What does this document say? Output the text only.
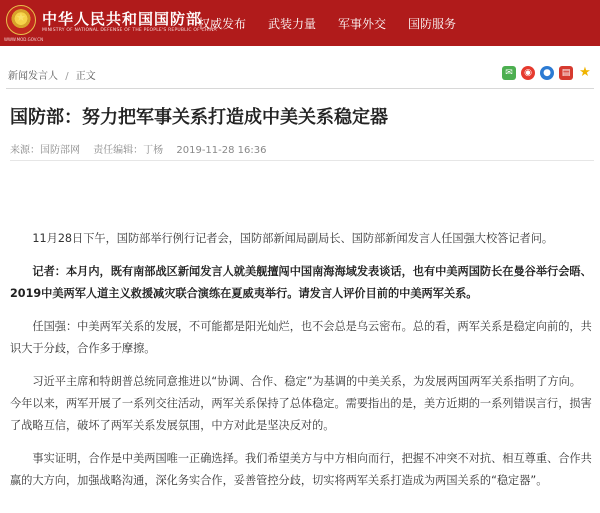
★ 中华人民共和国国防部
MINISTRY OF NATIONAL DEFENSE OF THE PEOPLE'S REPUBLIC OF CHINA
WWW.MOD.GOV.CN
权威发布 武装力量 军事外交 国防服务
新闻发言人 / 正文	✉	◉	●	▤ ★
国防部：努力把军事关系打造成中美关系稳定器
来源：国防部网 责任编辑：丁杨 2019-11-28 16:36

11月28日下午，国防部举行例行记者会，国防部新闻局副局长、国防部新闻发言人任国强大校答记者问。

记者：本月内，既有南部战区新闻发言人就美舰擅闯中国南海海域发表谈话，也有中美两国防长在曼谷举行会晤、2019中美两军人道主义救援减灾联合演练在夏威夷举行。请发言人评价目前的中美两军关系。

任国强：中美两军关系的发展，不可能都是阳光灿烂，也不会总是乌云密布。总的看，两军关系是稳定向前的，共识大于分歧，合作多于摩擦。

习近平主席和特朗普总统同意推进以“协调、合作、稳定”为基调的中美关系，为发展两国两军关系指明了方向。今年以来，两军开展了一系列交往活动，两军关系保持了总体稳定。需要指出的是，美方近期的一系列错误言行，损害了战略互信，破坏了两军关系发展氛围，中方对此是坚决反对的。

事实证明，合作是中美两国唯一正确选择。我们希望美方与中方相向而行，把握不冲突不对抗、相互尊重、合作共赢的大方向，加强战略沟通，深化务实合作，妥善管控分歧，切实将两军关系打造成为两国关系的“稳定器”。
